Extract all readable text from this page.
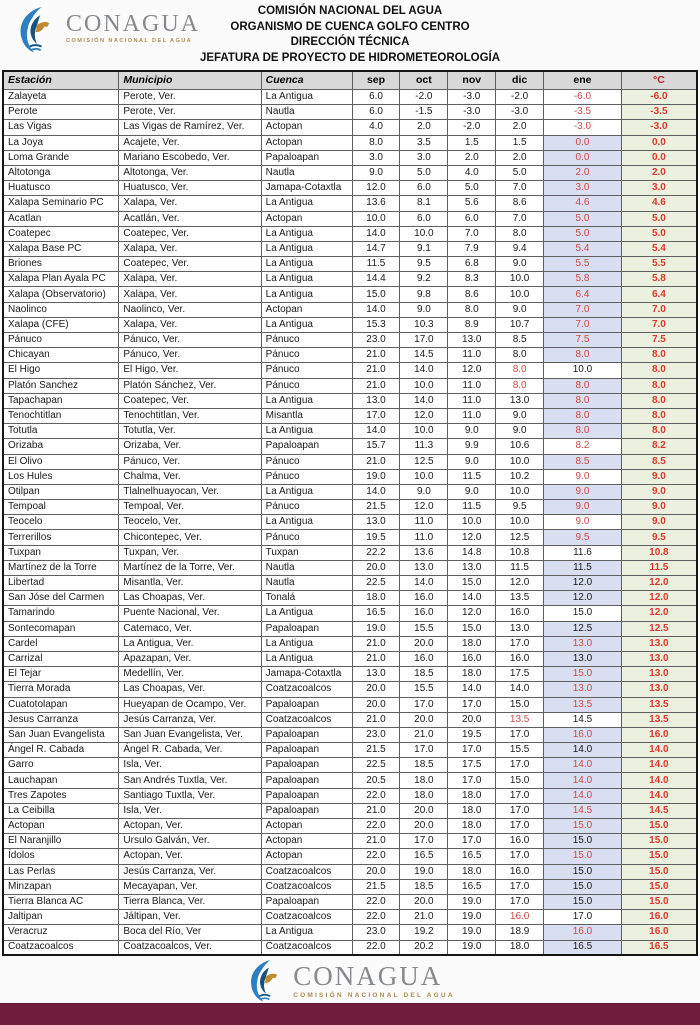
COMISIÓN NACIONAL DEL AGUA
ORGANISMO DE CUENCA GOLFO CENTRO
DIRECCIÓN TÉCNICA
JEFATURA DE PROYECTO DE HIDROMETEOROLOGÍA
CONAGUA
COMISIÓN NACIONAL DEL AGUA
Estación	Municipio	Cuenca	sep	oct	nov	dic	ene	°C
Zalayeta	Perote, Ver.	La Antigua	6.0	-2.0	-3.0	-2.0	-6.0	-6.0
Perote	Perote, Ver.	Nautla	6.0	-1.5	-3.0	-3.0	-3.5	-3.5
Las Vigas	Las Vigas de Ramírez, Ver.	Actopan	4.0	2.0	-2.0	2.0	-3.0	-3.0
La Joya	Acajete, Ver.	Actopan	8.0	3.5	1.5	1.5	0.0	0.0
Loma Grande	Mariano Escobedo, Ver.	Papaloapan	3.0	3.0	2.0	2.0	0.0	0.0
Altotonga	Altotonga, Ver.	Nautla	9.0	5.0	4.0	5.0	2.0	2.0
Huatusco	Huatusco, Ver.	Jamapa-Cotaxtla	12.0	6.0	5.0	7.0	3.0	3.0
Xalapa Seminario PC	Xalapa, Ver.	La Antigua	13.6	8.1	5.6	8.6	4.6	4.6
Acatlan	Acatlán, Ver.	Actopan	10.0	6.0	6.0	7.0	5.0	5.0
Coatepec	Coatepec, Ver.	La Antigua	14.0	10.0	7.0	8.0	5.0	5.0
Xalapa Base PC	Xalapa, Ver.	La Antigua	14.7	9.1	7.9	9.4	5.4	5.4
Briones	Coatepec, Ver.	La Antigua	11.5	9.5	6.8	9.0	5.5	5.5
Xalapa Plan Ayala PC	Xalapa, Ver.	La Antigua	14.4	9.2	8.3	10.0	5.8	5.8
Xalapa (Observatorio)	Xalapa, Ver.	La Antigua	15.0	9.8	8.6	10.0	6.4	6.4
Naolinco	Naolinco, Ver.	Actopan	14.0	9.0	8.0	9.0	7.0	7.0
Xalapa (CFE)	Xalapa, Ver.	La Antigua	15.3	10.3	8.9	10.7	7.0	7.0
Pánuco	Pánuco, Ver.	Pánuco	23.0	17.0	13.0	8.5	7.5	7.5
Chicayan	Pánuco, Ver.	Pánuco	21.0	14.5	11.0	8.0	8.0	8.0
El Higo	El Higo, Ver.	Pánuco	21.0	14.0	12.0	8.0	10.0	8.0
Platón Sanchez	Platón Sánchez, Ver.	Pánuco	21.0	10.0	11.0	8.0	8.0	8.0
Tapachapan	Coatepec, Ver.	La Antigua	13.0	14.0	11.0	13.0	8.0	8.0
Tenochtitlan	Tenochtitlan, Ver.	Misantla	17.0	12.0	11.0	9.0	8.0	8.0
Totutla	Totutla, Ver.	La Antigua	14.0	10.0	9.0	9.0	8.0	8.0
Orizaba	Orizaba, Ver.	Papaloapan	15.7	11.3	9.9	10.6	8.2	8.2
El Olivo	Pánuco, Ver.	Pánuco	21.0	12.5	9.0	10.0	8.5	8.5
Los Hules	Chalma, Ver.	Pánuco	19.0	10.0	11.5	10.2	9.0	9.0
Otilpan	Tlalnelhuayocan, Ver.	La Antigua	14.0	9.0	9.0	10.0	9.0	9.0
Tempoal	Tempoal, Ver.	Pánuco	21.5	12.0	11.5	9.5	9.0	9.0
Teocelo	Teocelo, Ver.	La Antigua	13.0	11.0	10.0	10.0	9.0	9.0
Terrerillos	Chicontepec, Ver.	Pánuco	19.5	11.0	12.0	12.5	9.5	9.5
Tuxpan	Tuxpan, Ver.	Tuxpan	22.2	13.6	14.8	10.8	11.6	10.8
Martínez de la Torre	Martínez de la Torre, Ver.	Nautla	20.0	13.0	13.0	11.5	11.5	11.5
Libertad	Misantla, Ver.	Nautla	22.5	14.0	15.0	12.0	12.0	12.0
San Jóse del Carmen	Las Choapas, Ver.	Tonalá	18.0	16.0	14.0	13.5	12.0	12.0
Tamarindo	Puente Nacional, Ver.	La Antigua	16.5	16.0	12.0	16.0	15.0	12.0
Sontecomapan	Catemaco, Ver.	Papaloapan	19.0	15.5	15.0	13.0	12.5	12.5
Cardel	La Antigua, Ver.	La Antigua	21.0	20.0	18.0	17.0	13.0	13.0
Carrizal	Apazapan, Ver.	La Antigua	21.0	16.0	16.0	16.0	13.0	13.0
El Tejar	Medellín, Ver.	Jamapa-Cotaxtla	13.0	18.5	18.0	17.5	15.0	13.0
Tierra Morada	Las Choapas, Ver.	Coatzacoalcos	20.0	15.5	14.0	14.0	13.0	13.0
Cuatotolapan	Hueyapan de Ocampo, Ver.	Papaloapan	20.0	17.0	17.0	15.0	13.5	13.5
Jesus Carranza	Jesús Carranza, Ver.	Coatzacoalcos	21.0	20.0	20.0	13.5	14.5	13.5
San Juan Evangelista	San Juan Evangelista, Ver.	Papaloapan	23.0	21.0	19.5	17.0	16.0	16.0
Ángel R. Cabada	Ángel R. Cabada, Ver.	Papaloapan	21.5	17.0	17.0	15.5	14.0	14.0
Garro	Isla, Ver.	Papaloapan	22.5	18.5	17.5	17.0	14.0	14.0
Lauchapan	San Andrés Tuxtla, Ver.	Papaloapan	20.5	18.0	17.0	15.0	14.0	14.0
Tres Zapotes	Santiago Tuxtla, Ver.	Papaloapan	22.0	18.0	18.0	17.0	14.0	14.0
La Ceibilla	Isla, Ver.	Papaloapan	21.0	20.0	18.0	17.0	14.5	14.5
Actopan	Actopan, Ver.	Actopan	22.0	20.0	18.0	17.0	15.0	15.0
El Naranjillo	Ursulo Galván, Ver.	Actopan	21.0	17.0	17.0	16.0	15.0	15.0
Ídolos	Actopan, Ver.	Actopan	22.0	16.5	16.5	17.0	15.0	15.0
Las Perlas	Jesús Carranza, Ver.	Coatzacoalcos	20.0	19.0	18.0	16.0	15.0	15.0
Minzapan	Mecayapan, Ver.	Coatzacoalcos	21.5	18.5	16.5	17.0	15.0	15.0
Tierra Blanca AC	Tierra Blanca, Ver.	Papaloapan	22.0	20.0	19.0	17.0	15.0	15.0
Jaltipan	Jáltipan, Ver.	Coatzacoalcos	22.0	21.0	19.0	16.0	17.0	16.0
Veracruz	Boca del Río, Ver	La Antigua	23.0	19.2	19.0	18.9	16.0	16.0
Coatzacoalcos	Coatzacoalcos, Ver.	Coatzacoalcos	22.0	20.2	19.0	18.0	16.5	16.5
CONAGUA
COMISIÓN NACIONAL DEL AGUA
